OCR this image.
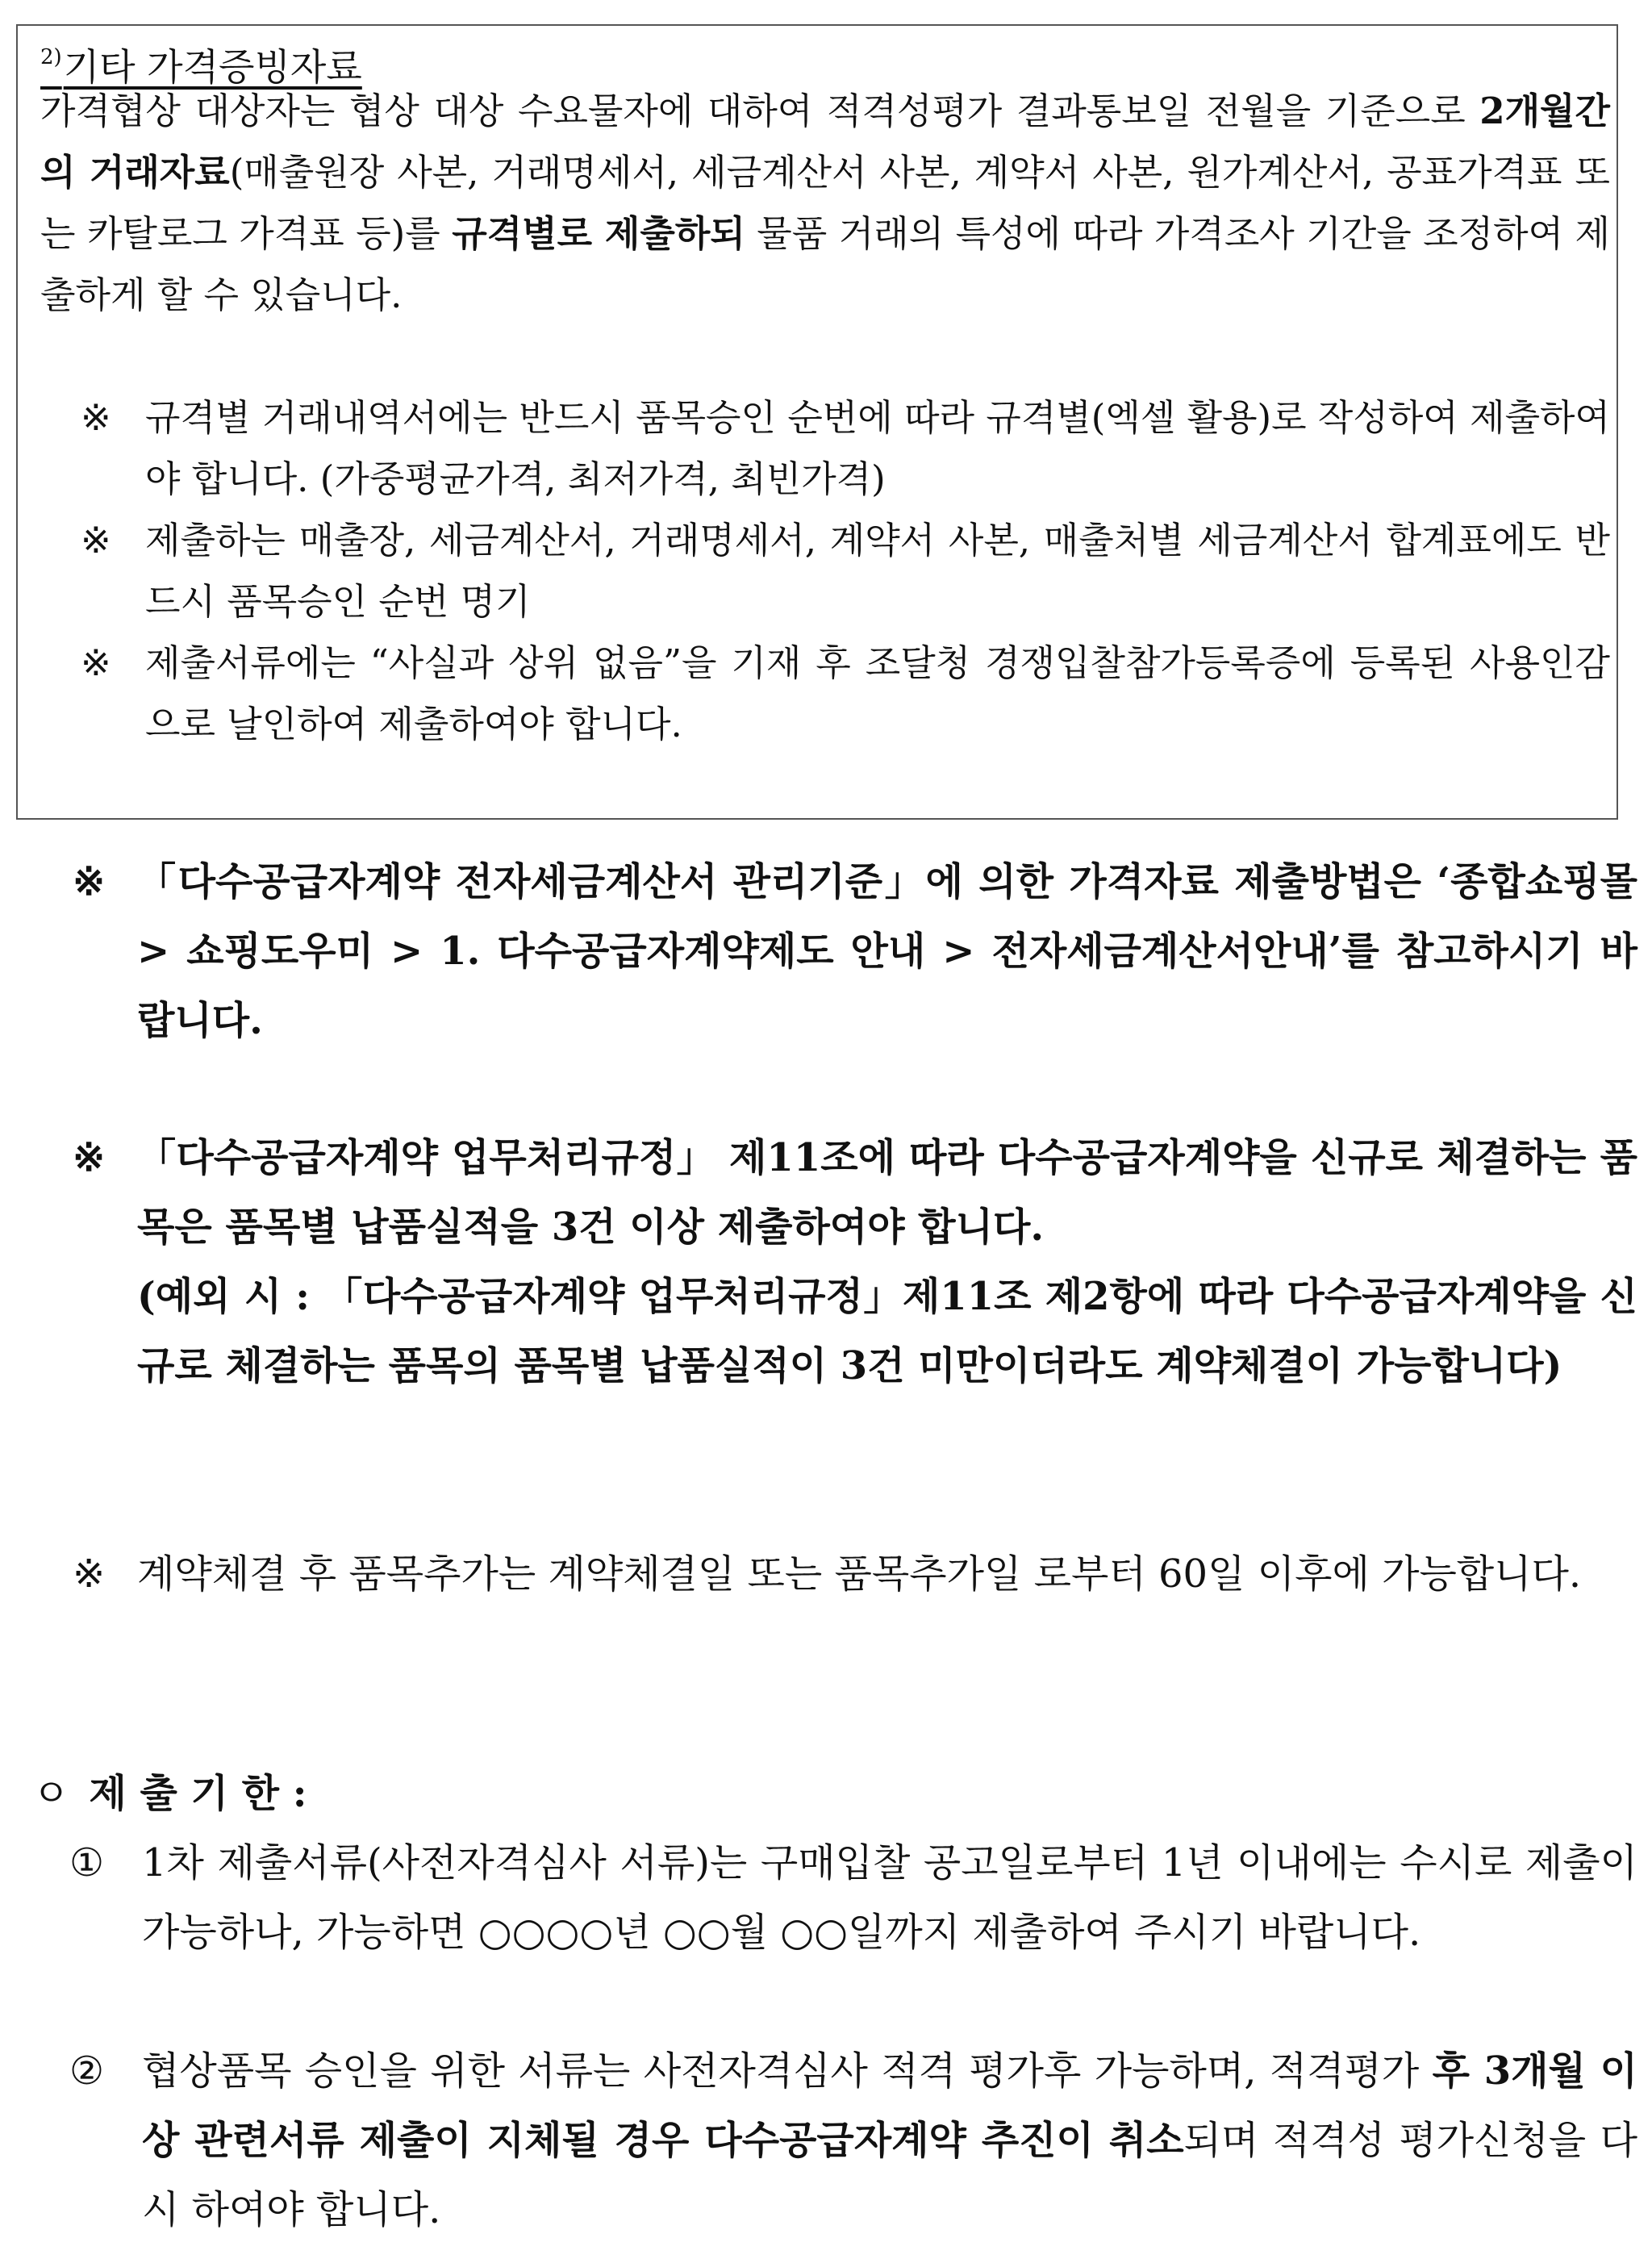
$^{2)}$기타 가격증빙자료

가격협상 대상자는 협상 대상 수요물자에 대하여 적격성평가 결과통보일 전월을 기준으로 2개월간의 거래자료(매출원장 사본, 거래명세서, 세금계산서 사본, 계약서 사본, 원가계산서, 공표가격표 또는 카탈로그 가격표 등)를 규격별로 제출하되 물품 거래의 특성에 따라 가격조사 기간을 조정하여 제출하게 할 수 있습니다.

※ 규격별 거래내역서에는 반드시 품목승인 순번에 따라 규격별(엑셀 활용)로 작성하여 제출하여야 합니다. (가중평균가격, 최저가격, 최빈가격)
※ 제출하는 매출장, 세금계산서, 거래명세서, 계약서 사본, 매출처별 세금계산서 합계표에도 반드시 품목승인 순번 명기
※ 제출서류에는 “사실과 상위 없음”을 기재 후 조달청 경쟁입찰참가등록증에 등록된 사용인감으로 날인하여 제출하여야 합니다.
※ 「다수공급자계약 전자세금계산서 관리기준」에 의한 가격자료 제출방법은 ‘종합쇼핑몰 > 쇼핑도우미 > 1. 다수공급자계약제도 안내 > 전자세금계산서안내’를 참고하시기 바랍니다.
※ 「다수공급자계약 업무처리규정」 제11조에 따라 다수공급자계약을 신규로 체결하는 품목은 품목별 납품실적을 3건 이상 제출하여야 합니다.

(예외 시 : 「다수공급자계약 업무처리규정」제11조 제2항에 따라 다수공급자계약을 신규로 체결하는 품목의 품목별 납품실적이 3건 미만이더라도 계약체결이 가능합니다)

※ 계약체결 후 품목추가는 계약체결일 또는 품목추가일 로부터 60일 이후에 가능합니다.
ㅇ 제 출 기 한 :
① 1차 제출서류(사전자격심사 서류)는 구매입찰 공고일로부터 1년 이내에는 수시로 제출이 가능하나, 가능하면 ○○○○년 ○○월 ○○일까지 제출하여 주시기 바랍니다.
② 협상품목 승인을 위한 서류는 사전자격심사 적격 평가후 가능하며, 적격평가 후 3개월 이상 관련서류 제출이 지체될 경우 다수공급자계약 추진이 취소되며 적격성 평가신청을 다시 하여야 합니다.
